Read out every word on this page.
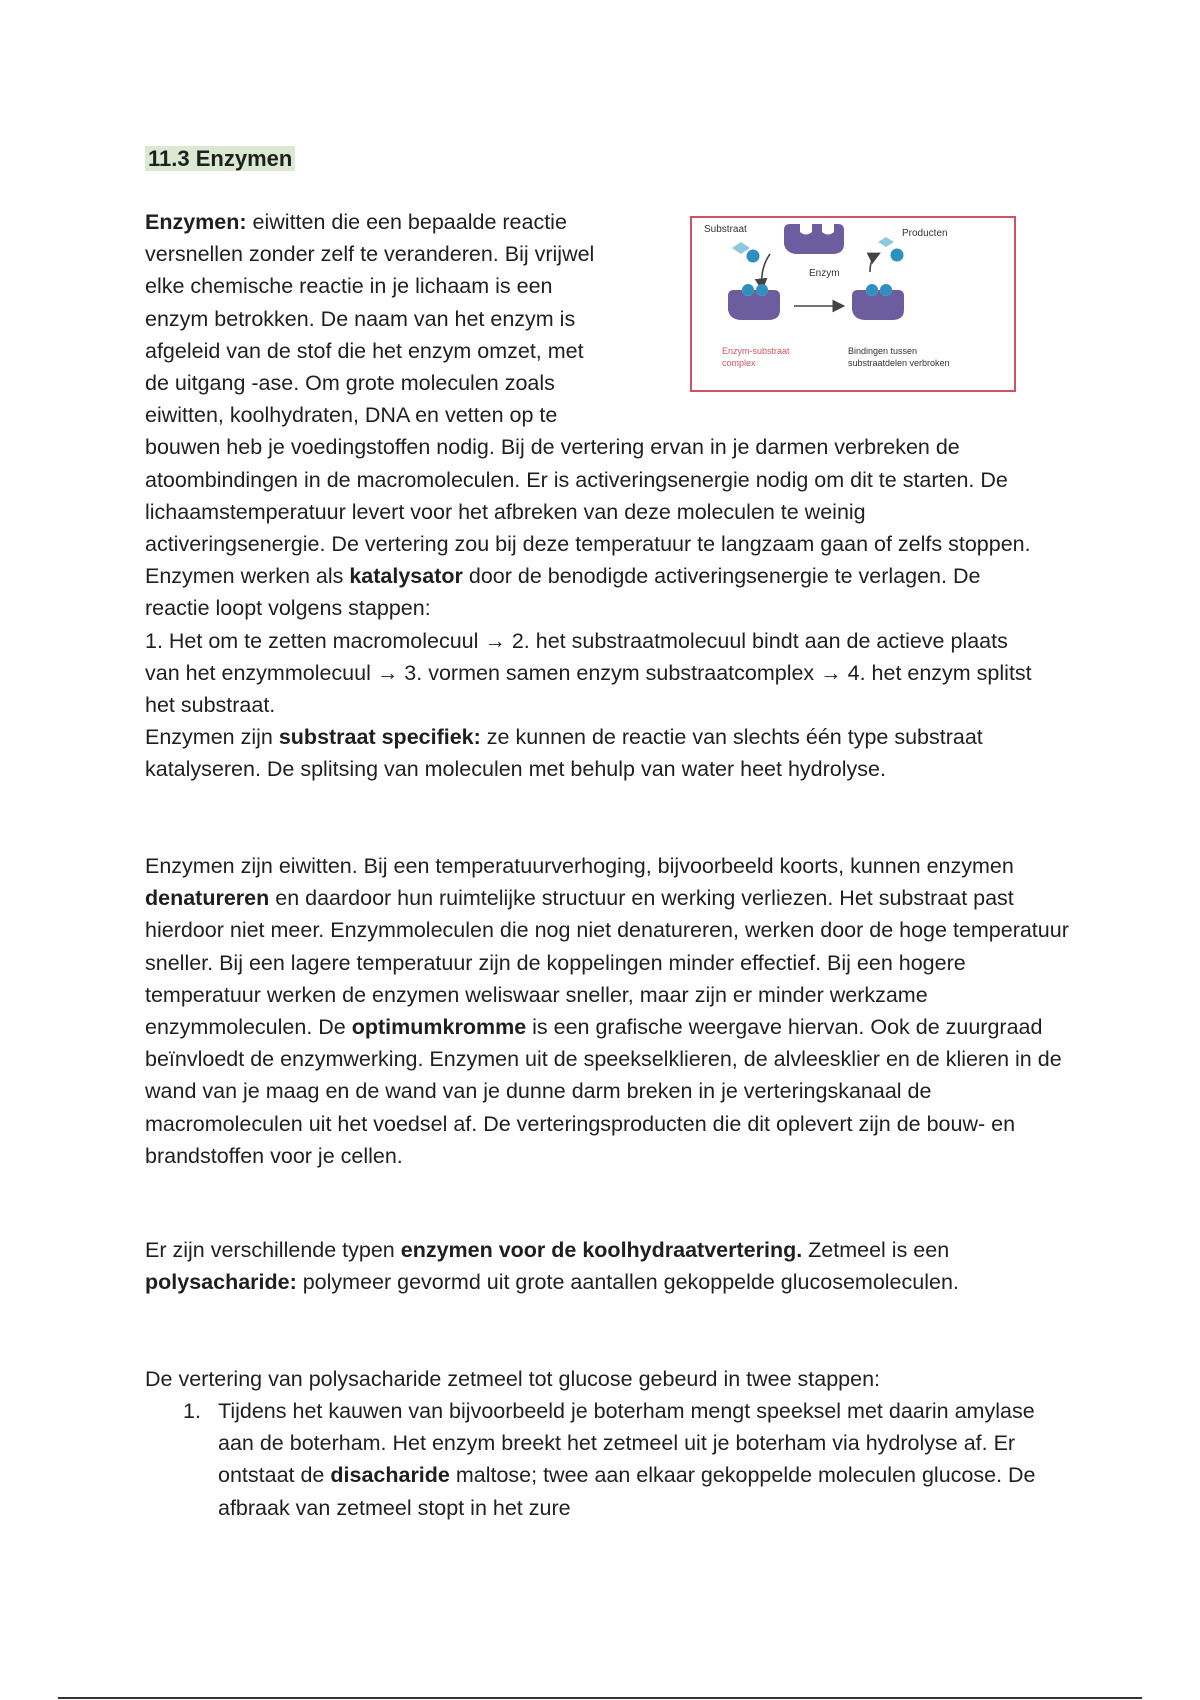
11.3 Enzymen
Substraat
Enzym
Producten
Enzym-substraat
complex
Bindingen tussen
substraatdelen verbroken

Enzymen: eiwitten die een bepaalde reactie
versnellen zonder zelf te veranderen. Bij vrijwel
elke chemische reactie in je lichaam is een
enzym betrokken. De naam van het enzym is
afgeleid van de stof die het enzym omzet, met
de uitgang -ase. Om grote moleculen zoals
eiwitten, koolhydraten, DNA en vetten op te
bouwen heb je voedingstoffen nodig. Bij de vertering ervan in je darmen verbreken de atoombindingen in de macromoleculen. Er is activeringsenergie nodig om dit te starten. De lichaamstemperatuur levert voor het afbreken van deze moleculen te weinig activeringsenergie. De vertering zou bij deze temperatuur te langzaam gaan of zelfs stoppen. Enzymen werken als katalysator door de benodigde activeringsenergie te verlagen. De reactie loopt volgens stappen:
1. Het om te zetten macromolecuul → 2. het substraatmolecuul bindt aan de actieve plaats van het enzymmolecuul → 3. vormen samen enzym substraatcomplex → 4. het enzym splitst het substraat.
Enzymen zijn substraat specifiek: ze kunnen de reactie van slechts één type substraat katalyseren. De splitsing van moleculen met behulp van water heet hydrolyse.

Enzymen zijn eiwitten. Bij een temperatuurverhoging, bijvoorbeeld koorts, kunnen enzymen denatureren en daardoor hun ruimtelijke structuur en werking verliezen. Het substraat past hierdoor niet meer. Enzymmoleculen die nog niet denatureren, werken door de hoge temperatuur sneller. Bij een lagere temperatuur zijn de koppelingen minder effectief. Bij een hogere temperatuur werken de enzymen weliswaar sneller, maar zijn er minder werkzame enzymmoleculen. De optimumkromme is een grafische weergave hiervan. Ook de zuurgraad beïnvloedt de enzymwerking. Enzymen uit de speekselklieren, de alvleesklier en de klieren in de wand van je maag en de wand van je dunne darm breken in je verteringskanaal de macromoleculen uit het voedsel af. De verteringsproducten die dit oplevert zijn de bouw- en brandstoffen voor je cellen.

Er zijn verschillende typen enzymen voor de koolhydraatvertering. Zetmeel is een polysacharide: polymeer gevormd uit grote aantallen gekoppelde glucosemoleculen.

De vertering van polysacharide zetmeel tot glucose gebeurd in twee stappen:

1. Tijdens het kauwen van bijvoorbeeld je boterham mengt speeksel met daarin amylase aan de boterham. Het enzym breekt het zetmeel uit je boterham via hydrolyse af. Er ontstaat de disacharide maltose; twee aan elkaar gekoppelde moleculen glucose. De afbraak van zetmeel stopt in het zure
